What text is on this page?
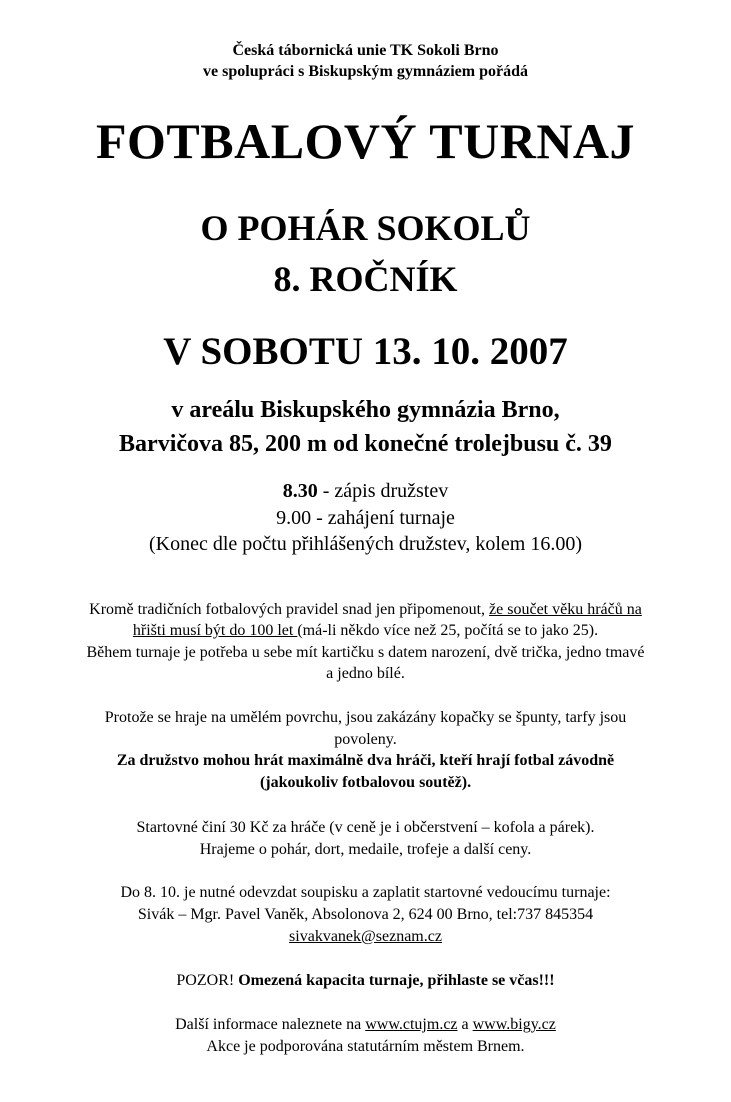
Česká tábornická unie TK Sokoli Brno
ve spolupráci s Biskupským gymnáziem pořádá
FOTBALOVÝ TURNAJ
O POHÁR SOKOLŮ
8. ROČNÍK
V SOBOTU 13. 10. 2007
v areálu Biskupského gymnázia Brno,
Barvičova 85, 200 m od konečné trolejbusu č. 39
8.30 - zápis družstev
9.00 - zahájení turnaje
(Konec dle počtu přihlášených družstev, kolem 16.00)
Kromě tradičních fotbalových pravidel snad jen připomenout, že součet věku hráčů na
hřišti musí být do 100 let (má-li někdo více než 25, počítá se to jako 25).
Během turnaje je potřeba u sebe mít kartičku s datem narození, dvě trička, jedno tmavé
a jedno bílé.
Protože se hraje na umělém povrchu, jsou zakázány kopačky se špunty, tarfy jsou
povoleny.
Za družstvo mohou hrát maximálně dva hráči, kteří hrají fotbal závodně
(jakoukoliv fotbalovou soutěž).
Startovné činí 30 Kč za hráče (v ceně je i občerstvení – kofola a párek).
Hrajeme o pohár, dort, medaile, trofeje a další ceny.
Do 8. 10. je nutné odevzdat soupisku a zaplatit startovné vedoucímu turnaje:
Sivák – Mgr. Pavel Vaněk, Absolonova 2, 624 00 Brno, tel:737 845354
sivakvanek@seznam.cz
POZOR! Omezená kapacita turnaje, přihlaste se včas!!!
Další informace naleznete na www.ctujm.cz a www.bigy.cz
Akce je podporována statutárním městem Brnem.
